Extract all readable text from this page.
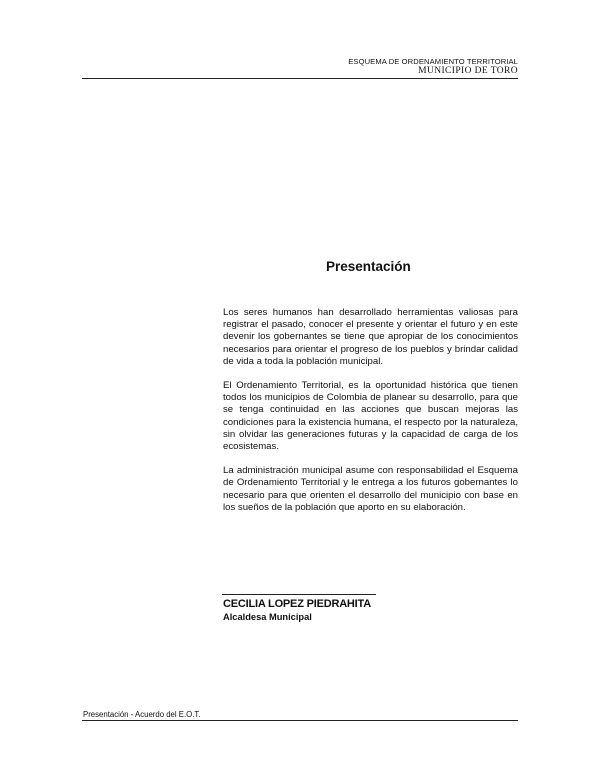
ESQUEMA DE ORDENAMIENTO TERRITORIAL
MUNICIPIO DE TORO
Presentación

Los seres humanos han desarrollado herramientas valiosas para registrar el pasado, conocer el presente y orientar el futuro y en este devenir los gobernantes se tiene que apropiar de los conocimientos necesarios para orientar el progreso de los pueblos y brindar calidad de vida a toda la población municipal.

El Ordenamiento Territorial, es la oportunidad histórica que tienen todos los municipios de Colombia de planear su desarrollo, para que se tenga continuidad en las acciones que buscan mejoras las condiciones para la existencia humana, el respecto por la naturaleza, sin olvidar las generaciones futuras y la capacidad de carga de los ecosistemas.

La administración municipal asume con responsabilidad el Esquema de Ordenamiento Territorial y le entrega a los futuros gobernantes lo necesario para que orienten el desarrollo del municipio con base en los sueños de la población que aporto en su elaboración.

CECILIA LOPEZ PIEDRAHITA
Alcaldesa Municipal
Presentación - Acuerdo del E.O.T.
